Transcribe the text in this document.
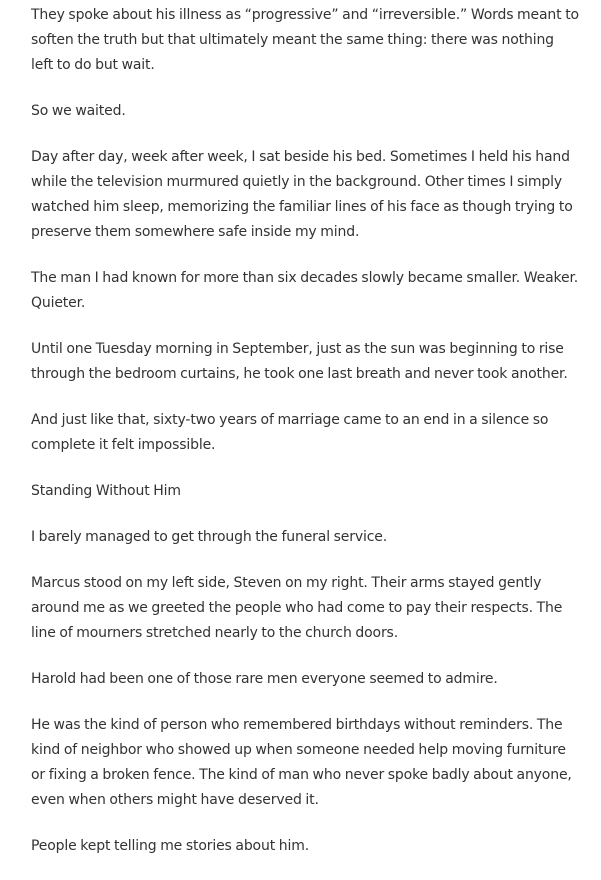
They spoke about his illness as “progressive” and “irreversible.” Words meant to soften the truth but that ultimately meant the same thing: there was nothing left to do but wait.

So we waited.

Day after day, week after week, I sat beside his bed. Sometimes I held his hand while the television murmured quietly in the background. Other times I simply watched him sleep, memorizing the familiar lines of his face as though trying to preserve them somewhere safe inside my mind.

The man I had known for more than six decades slowly became smaller. Weaker. Quieter.

Until one Tuesday morning in September, just as the sun was beginning to rise through the bedroom curtains, he took one last breath and never took another.

And just like that, sixty-two years of marriage came to an end in a silence so complete it felt impossible.

Standing Without Him

I barely managed to get through the funeral service.

Marcus stood on my left side, Steven on my right. Their arms stayed gently around me as we greeted the people who had come to pay their respects. The line of mourners stretched nearly to the church doors.

Harold had been one of those rare men everyone seemed to admire.

He was the kind of person who remembered birthdays without reminders. The kind of neighbor who showed up when someone needed help moving furniture or fixing a broken fence. The kind of man who never spoke badly about anyone, even when others might have deserved it.

People kept telling me stories about him.
